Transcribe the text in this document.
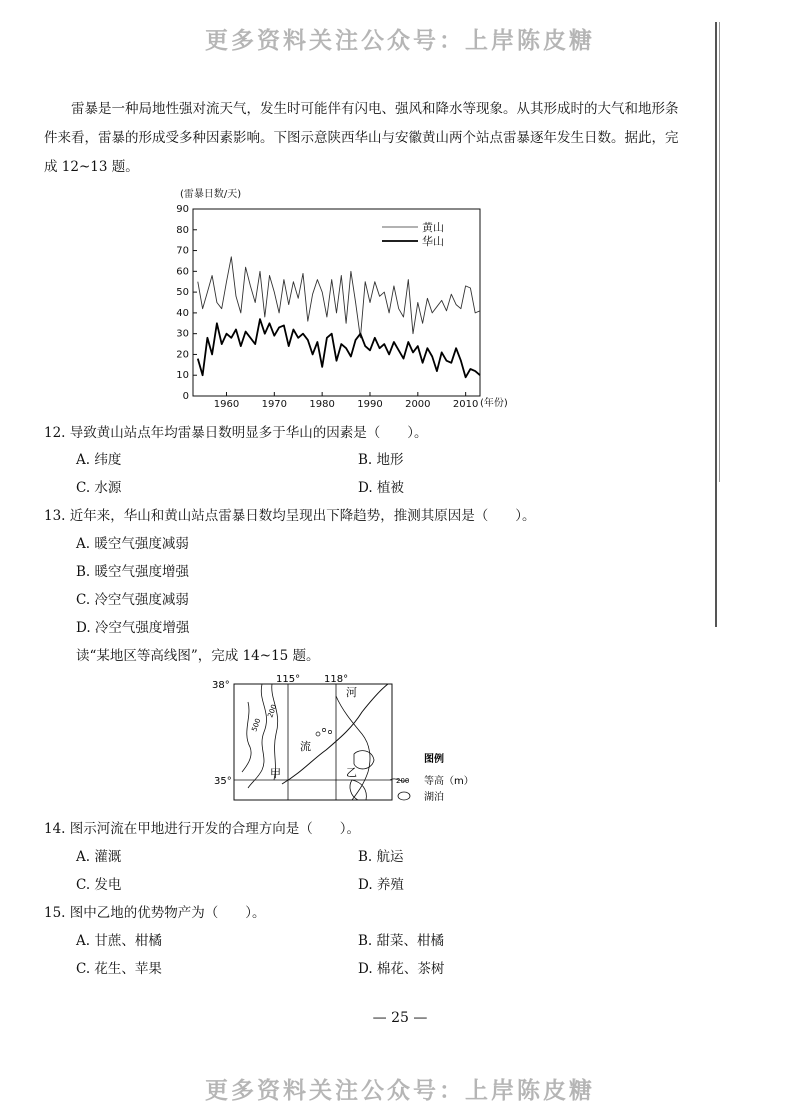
更多资料关注公众号：上岸陈皮糖
雷暴是一种局地性强对流天气，发生时可能伴有闪电、强风和降水等现象。从其形成时的大气和地形条件来看，雷暴的形成受多种因素影响。下图示意陕西华山与安徽黄山两个站点雷暴逐年发生日数。据此，完成 12~13 题。
(雷暴日数/天)
0
10
20
30
40
50
60
70
80
90
1960 1970 1980 1990 2000 2010
黄山
华山
(年份)
12. 导致黄山站点年均雷暴日数明显多于华山的因素是（　　）。
A. 纬度	B. 地形
C. 水源	D. 植被
13. 近年来，华山和黄山站点雷暴日数均呈现出下降趋势，推测其原因是（　　）。
A. 暖空气强度减弱
B. 暖空气强度增强
C. 冷空气强度减弱
D. 冷空气强度增强
读“某地区等高线图”，完成 14~15 题。
38°
35°
115° 118°
500
200
河
流
甲	乙
图例
200 等高（m）
湖泊
14. 图示河流在甲地进行开发的合理方向是（　　）。
A. 灌溉	B. 航运
C. 发电	D. 养殖
15. 图中乙地的优势物产为（　　）。
A. 甘蔗、柑橘	B. 甜菜、柑橘
C. 花生、苹果	D. 棉花、茶树
— 25 —
更多资料关注公众号：上岸陈皮糖
